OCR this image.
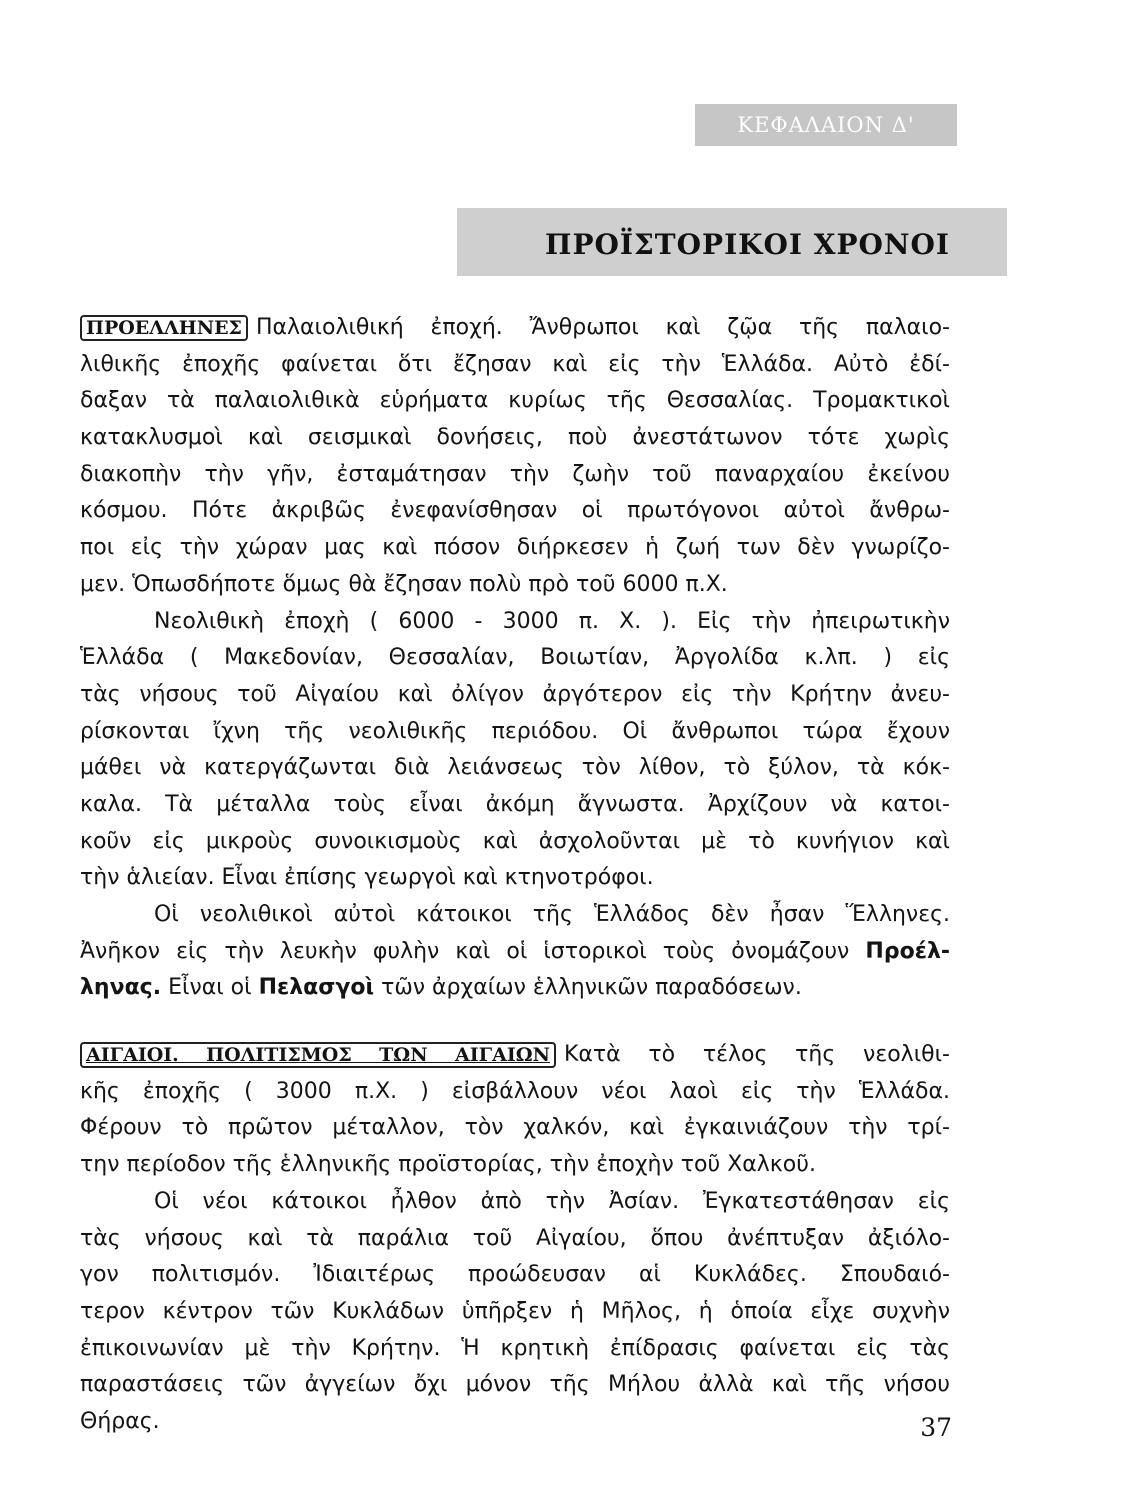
ΚΕΦΑΛΑΙΟΝ Δ'
ΠΡΟΪΣΤΟΡΙΚΟΙ ΧΡΟΝΟΙ
ΠΡΟΕΛΛΗΝΕΣ Παλαιολιθική ἐποχή. Ἄνθρωποι καὶ ζῷα τῆς παλαιο-
λιθικῆς ἐποχῆς φαίνεται ὅτι ἔζησαν καὶ εἰς τὴν Ἑλλάδα. Αὐτὸ ἐδί-
δαξαν τὰ παλαιολιθικὰ εὑρήματα κυρίως τῆς Θεσσαλίας. Τρομακτικοὶ
κατακλυσμοὶ καὶ σεισμικαὶ δονήσεις, ποὺ ἀνεστάτωνον τότε χωρὶς
διακοπὴν τὴν γῆν, ἐσταμάτησαν τὴν ζωὴν τοῦ παναρχαίου ἐκείνου
κόσμου. Πότε ἀκριβῶς ἐνεφανίσθησαν οἱ πρωτόγονοι αὐτοὶ ἄνθρω-
ποι εἰς τὴν χώραν μας καὶ πόσον διήρκεσεν ἡ ζωή των δὲν γνωρίζο-
μεν. Ὁπωσδήποτε ὅμως θὰ ἔζησαν πολὺ πρὸ τοῦ 6000 π.Χ.
Νεολιθικὴ ἐποχὴ ( 6000 - 3000 π. Χ. ). Εἰς τὴν ἠπειρωτικὴν
Ἑλλάδα ( Μακεδονίαν, Θεσσαλίαν, Βοιωτίαν, Ἀργολίδα κ.λπ. ) εἰς
τὰς νήσους τοῦ Αἰγαίου καὶ ὀλίγον ἀργότερον εἰς τὴν Κρήτην ἀνευ-
ρίσκονται ἴχνη τῆς νεολιθικῆς περιόδου. Οἱ ἄνθρωποι τώρα ἔχουν
μάθει νὰ κατεργάζωνται διὰ λειάνσεως τὸν λίθον, τὸ ξύλον, τὰ κόκ-
καλα. Τὰ μέταλλα τοὺς εἶναι ἀκόμη ἄγνωστα. Ἀρχίζουν νὰ κατοι-
κοῦν εἰς μικροὺς συνοικισμοὺς καὶ ἀσχολοῦνται μὲ τὸ κυνήγιον καὶ
τὴν ἁλιείαν. Εἶναι ἐπίσης γεωργοὶ καὶ κτηνοτρόφοι.
Οἱ νεολιθικοὶ αὐτοὶ κάτοικοι τῆς Ἑλλάδος δὲν ἦσαν Ἕλληνες.
Ἀνῆκον εἰς τὴν λευκὴν φυλὴν καὶ οἱ ἱστορικοὶ τοὺς ὀνομάζουν Προέλ-
ληνας. Εἶναι οἱ Πελασγοὶ τῶν ἀρχαίων ἑλληνικῶν παραδόσεων.
ΑΙΓΑΙΟΙ. ΠΟΛΙΤΙΣΜΟΣ ΤΩΝ ΑΙΓΑΙΩΝ Κατὰ τὸ τέλος τῆς νεολιθι-
κῆς ἐποχῆς ( 3000 π.Χ. ) εἰσβάλλουν νέοι λαοὶ εἰς τὴν Ἑλλάδα.
Φέρουν τὸ πρῶτον μέταλλον, τὸν χαλκόν, καὶ ἐγκαινιάζουν τὴν τρί-
την περίοδον τῆς ἑλληνικῆς προϊστορίας, τὴν ἐποχὴν τοῦ Χαλκοῦ.
Οἱ νέοι κάτοικοι ἦλθον ἀπὸ τὴν Ἀσίαν. Ἐγκατεστάθησαν εἰς
τὰς νήσους καὶ τὰ παράλια τοῦ Αἰγαίου, ὅπου ἀνέπτυξαν ἀξιόλο-
γον πολιτισμόν. Ἰδιαιτέρως προώδευσαν αἱ Κυκλάδες. Σπουδαιό-
τερον κέντρον τῶν Κυκλάδων ὑπῆρξεν ἡ Μῆλος, ἡ ὁποία εἶχε συχνὴν
ἐπικοινωνίαν μὲ τὴν Κρήτην. Ἡ κρητικὴ ἐπίδρασις φαίνεται εἰς τὰς
παραστάσεις τῶν ἀγγείων ὄχι μόνον τῆς Μήλου ἀλλὰ καὶ τῆς νήσου
Θήρας.	37
